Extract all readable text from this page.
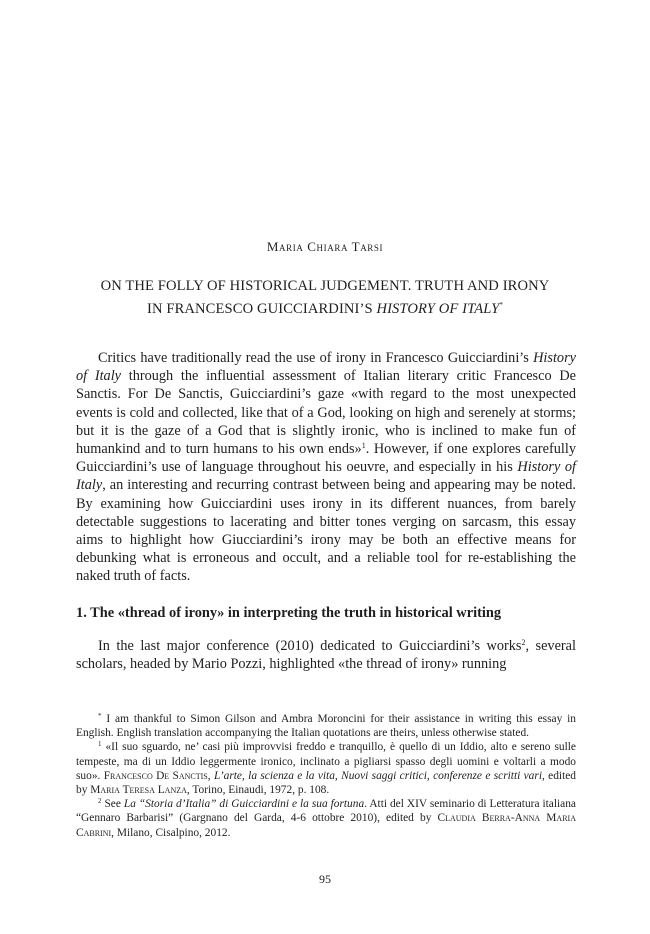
Maria Chiara Tarsi
ON THE FOLLY OF HISTORICAL JUDGEMENT. TRUTH AND IRONY
IN FRANCESCO GUICCIARDINI’S HISTORY OF ITALY*

Critics have traditionally read the use of irony in Francesco Guicciardini’s History of Italy through the influential assessment of Italian literary critic Francesco De Sanctis. For De Sanctis, Guicciardini’s gaze «with regard to the most unexpected events is cold and collected, like that of a God, looking on high and serenely at storms; but it is the gaze of a God that is slightly ironic, who is inclined to make fun of humankind and to turn humans to his own ends»$^1$. However, if one explores carefully Guicciardini’s use of language throughout his oeuvre, and especially in his History of Italy, an interesting and recurring contrast between being and appearing may be noted. By examining how Guicciardini uses irony in its different nuances, from barely detectable suggestions to lacerating and bitter tones verging on sarcasm, this essay aims to highlight how Giucciardini’s irony may be both an effective means for debunking what is erroneous and occult, and a reliable tool for re-establishing the naked truth of facts.

1. The «thread of irony» in interpreting the truth in historical writing

In the last major conference (2010) dedicated to Guicciardini’s works$^2$, several scholars, headed by Mario Pozzi, highlighted «the thread of irony» running

* I am thankful to Simon Gilson and Ambra Moroncini for their assistance in writing this essay in English. English translation accompanying the Italian quotations are theirs, unless otherwise stated.

$^1$ «Il suo sguardo, ne’ casi più improvvisi freddo e tranquillo, è quello di un Iddio, alto e sereno sulle tempeste, ma di un Iddio leggermente ironico, inclinato a pigliarsi spasso degli uomini e voltarli a modo suo». Francesco De Sanctis, L’arte, la scienza e la vita, Nuovi saggi critici, conferenze e scritti vari, edited by Maria Teresa Lanza, Torino, Einaudi, 1972, p. 108.

$^2$ See La “Storia d’Italia” di Guicciardini e la sua fortuna. Atti del XIV seminario di Letteratura italiana “Gennaro Barbarisi” (Gargnano del Garda, 4-6 ottobre 2010), edited by Claudia Berra-Anna Maria Cabrini, Milano, Cisalpino, 2012.

95
